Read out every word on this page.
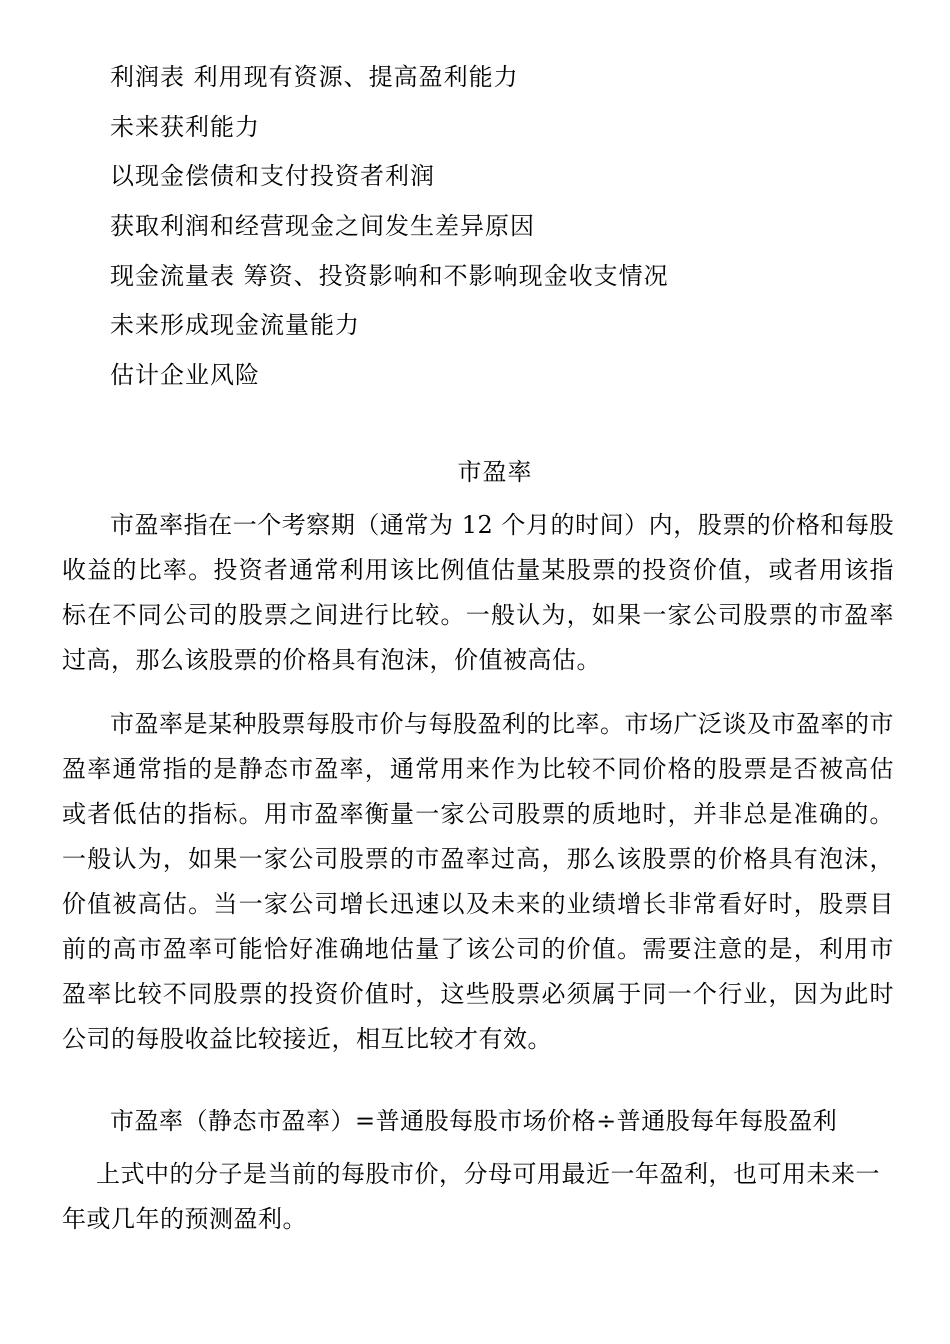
利润表 利用现有资源、提高盈利能力
未来获利能力
以现金偿债和支付投资者利润
获取利润和经营现金之间发生差异原因
现金流量表 筹资、投资影响和不影响现金收支情况
未来形成现金流量能力
估计企业风险
市盈率

市盈率指在一个考察期（通常为 12 个月的时间）内，股票的价格和每股收益的比率。投资者通常利用该比例值估量某股票的投资价值，或者用该指标在不同公司的股票之间进行比较。一般认为，如果一家公司股票的市盈率过高，那么该股票的价格具有泡沫，价值被高估。

市盈率是某种股票每股市价与每股盈利的比率。市场广泛谈及市盈率的市盈率通常指的是静态市盈率，通常用来作为比较不同价格的股票是否被高估或者低估的指标。用市盈率衡量一家公司股票的质地时，并非总是准确的。一般认为，如果一家公司股票的市盈率过高，那么该股票的价格具有泡沫，价值被高估。当一家公司增长迅速以及未来的业绩增长非常看好时，股票目前的高市盈率可能恰好准确地估量了该公司的价值。需要注意的是，利用市盈率比较不同股票的投资价值时，这些股票必须属于同一个行业，因为此时公司的每股收益比较接近，相互比较才有效。

市盈率（静态市盈率）=普通股每股市场价格÷普通股每年每股盈利

上式中的分子是当前的每股市价，分母可用最近一年盈利，也可用未来一年或几年的预测盈利。
